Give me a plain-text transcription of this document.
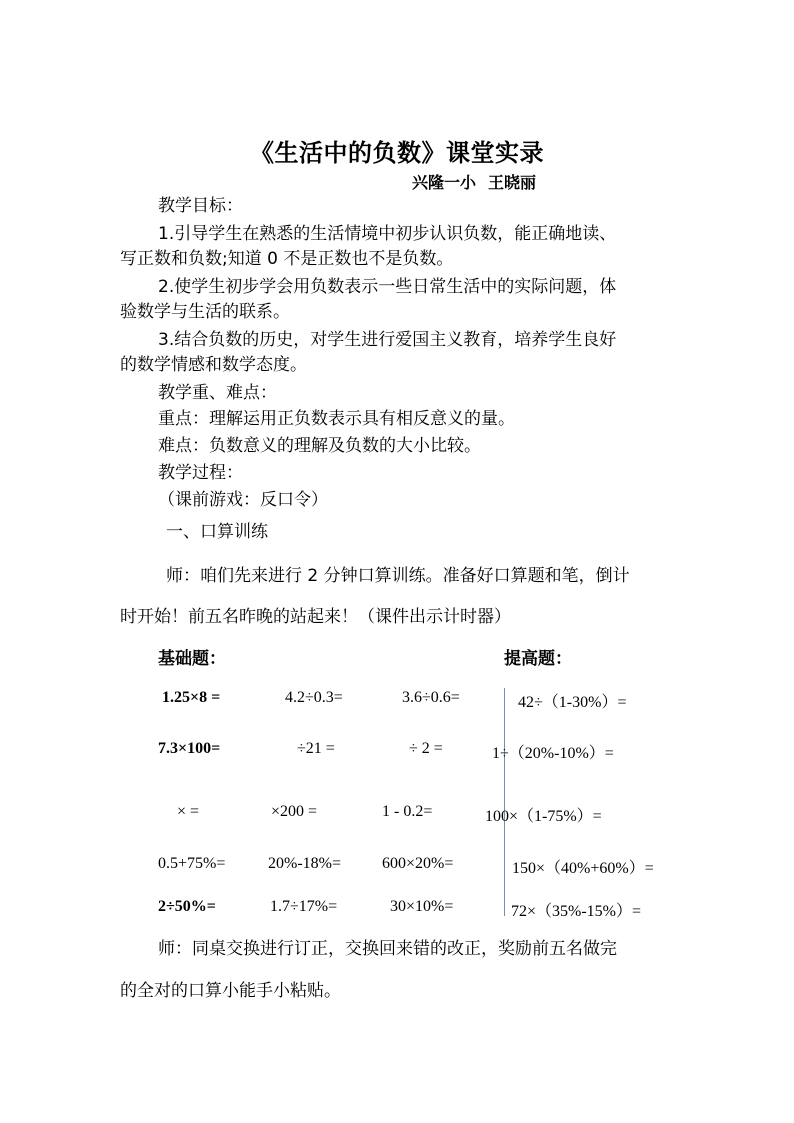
《生活中的负数》课堂实录
兴隆一小 王晓丽
教学目标：
1.引导学生在熟悉的生活情境中初步认识负数，能正确地读、
写正数和负数;知道 0 不是正数也不是负数。
2.使学生初步学会用负数表示一些日常生活中的实际问题，体
验数学与生活的联系。
3.结合负数的历史，对学生进行爱国主义教育，培养学生良好
的数学情感和数学态度。
教学重、难点：
重点：理解运用正负数表示具有相反意义的量。
难点：负数意义的理解及负数的大小比较。
教学过程：
（课前游戏：反口令）
一、口算训练
师：咱们先来进行 2 分钟口算训练。准备好口算题和笔，倒计
时开始！前五名昨晚的站起来！（课件出示计时器）
基础题：	提高题：
1.25×8 =	4.2÷0.3=	3.6÷0.6=	42÷（1-30%）=
7.3×100=	÷21 =	÷ 2 =	1÷（20%-10%）=
× =	×200 =	1 - 0.2=	100×（1-75%）=
0.5+75%=	20%-18%=	600×20%=	150×（40%+60%）=
2÷50%=	1.7÷17%=	30×10%=	72×（35%-15%）=
师：同桌交换进行订正，交换回来错的改正，奖励前五名做完
的全对的口算小能手小粘贴。
